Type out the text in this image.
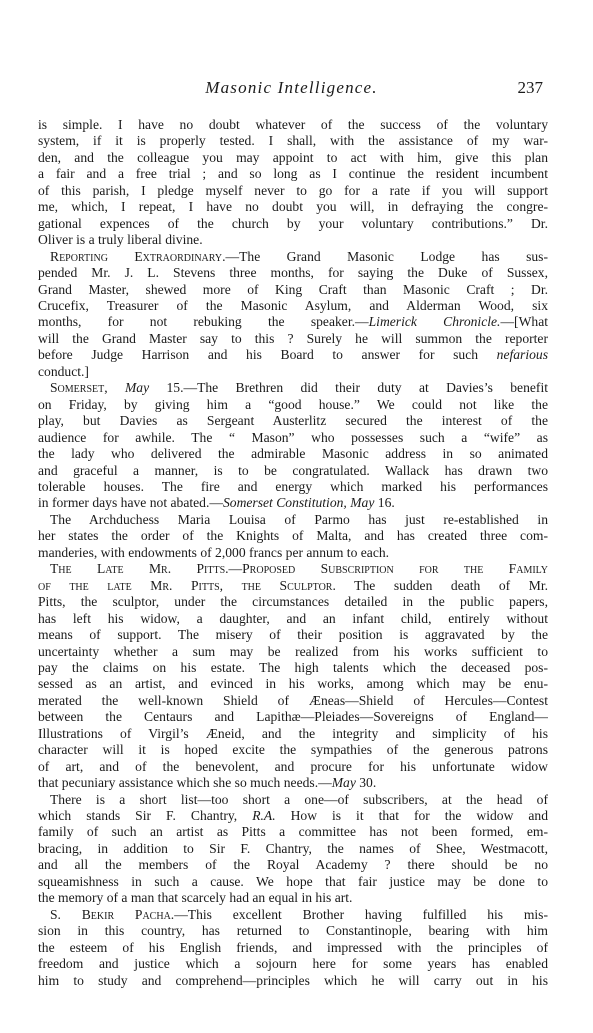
Masonic Intelligence.	237
is simple. I have no doubt whatever of the success of the voluntary
system, if it is properly tested. I shall, with the assistance of my war-
den, and the colleague you may appoint to act with him, give this plan
a fair and a free trial ; and so long as I continue the resident incumbent
of this parish, I pledge myself never to go for a rate if you will support
me, which, I repeat, I have no doubt you will, in defraying the congre-
gational expences of the church by your voluntary contributions.” Dr.
Oliver is a truly liberal divine.
Reporting Extraordinary.—The Grand Masonic Lodge has sus-
pended Mr. J. L. Stevens three months, for saying the Duke of Sussex,
Grand Master, shewed more of King Craft than Masonic Craft ; Dr.
Crucefix, Treasurer of the Masonic Asylum, and Alderman Wood, six
months, for not rebuking the speaker.—Limerick Chronicle.—[What
will the Grand Master say to this ? Surely he will summon the reporter
before Judge Harrison and his Board to answer for such nefarious
conduct.]
Somerset, May 15.—The Brethren did their duty at Davies’s benefit
on Friday, by giving him a “good house.” We could not like the
play, but Davies as Sergeant Austerlitz secured the interest of the
audience for awhile. The “ Mason” who possesses such a “wife” as
the lady who delivered the admirable Masonic address in so animated
and graceful a manner, is to be congratulated. Wallack has drawn two
tolerable houses. The fire and energy which marked his performances
in former days have not abated.—Somerset Constitution, May 16.
The Archduchess Maria Louisa of Parmo has just re-established in
her states the order of the Knights of Malta, and has created three com-
manderies, with endowments of 2,000 francs per annum to each.
The Late Mr. Pitts.—Proposed Subscription for the Family
of the late Mr. Pitts, the Sculptor. The sudden death of Mr.
Pitts, the sculptor, under the circumstances detailed in the public papers,
has left his widow, a daughter, and an infant child, entirely without
means of support. The misery of their position is aggravated by the
uncertainty whether a sum may be realized from his works sufficient to
pay the claims on his estate. The high talents which the deceased pos-
sessed as an artist, and evinced in his works, among which may be enu-
merated the well-known Shield of Æneas—Shield of Hercules—Contest
between the Centaurs and Lapithæ—Pleiades—Sovereigns of England—
Illustrations of Virgil’s Æneid, and the integrity and simplicity of his
character will it is hoped excite the sympathies of the generous patrons
of art, and of the benevolent, and procure for his unfortunate widow
that pecuniary assistance which she so much needs.—May 30.
There is a short list—too short a one—of subscribers, at the head of
which stands Sir F. Chantry, R.A. How is it that for the widow and
family of such an artist as Pitts a committee has not been formed, em-
bracing, in addition to Sir F. Chantry, the names of Shee, Westmacott,
and all the members of the Royal Academy ? there should be no
squeamishness in such a cause. We hope that fair justice may be done to
the memory of a man that scarcely had an equal in his art.
S. Bekir Pacha.—This excellent Brother having fulfilled his mis-
sion in this country, has returned to Constantinople, bearing with him
the esteem of his English friends, and impressed with the principles of
freedom and justice which a sojourn here for some years has enabled
him to study and comprehend—principles which he will carry out in his
